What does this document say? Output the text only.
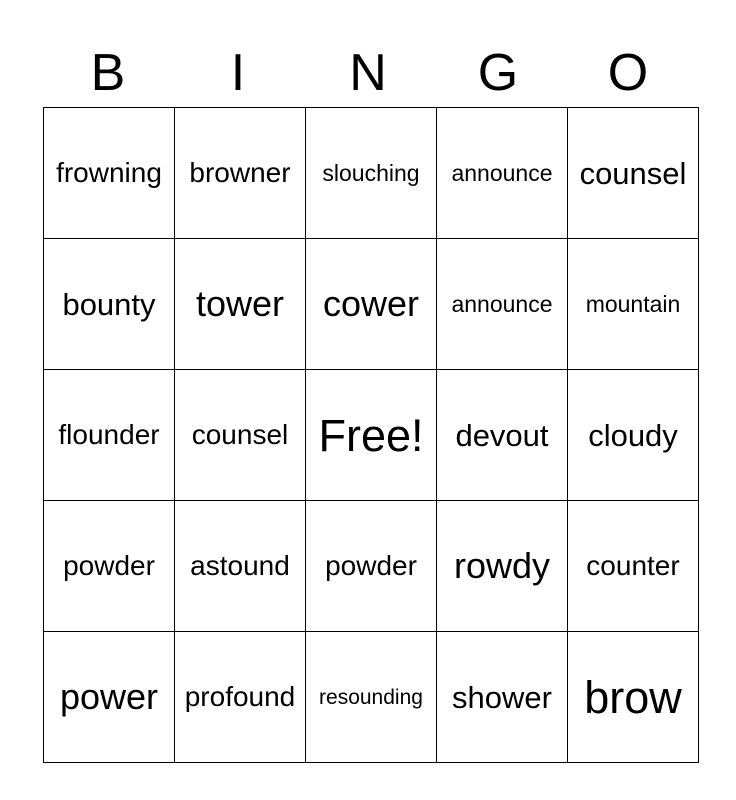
B	I	N	G	O
frowning	browner	slouching	announce	counsel
bounty	tower	cower	announce	mountain
flounder	counsel	Free!	devout	cloudy
powder	astound	powder	rowdy	counter
power	profound	resounding	shower	brow
